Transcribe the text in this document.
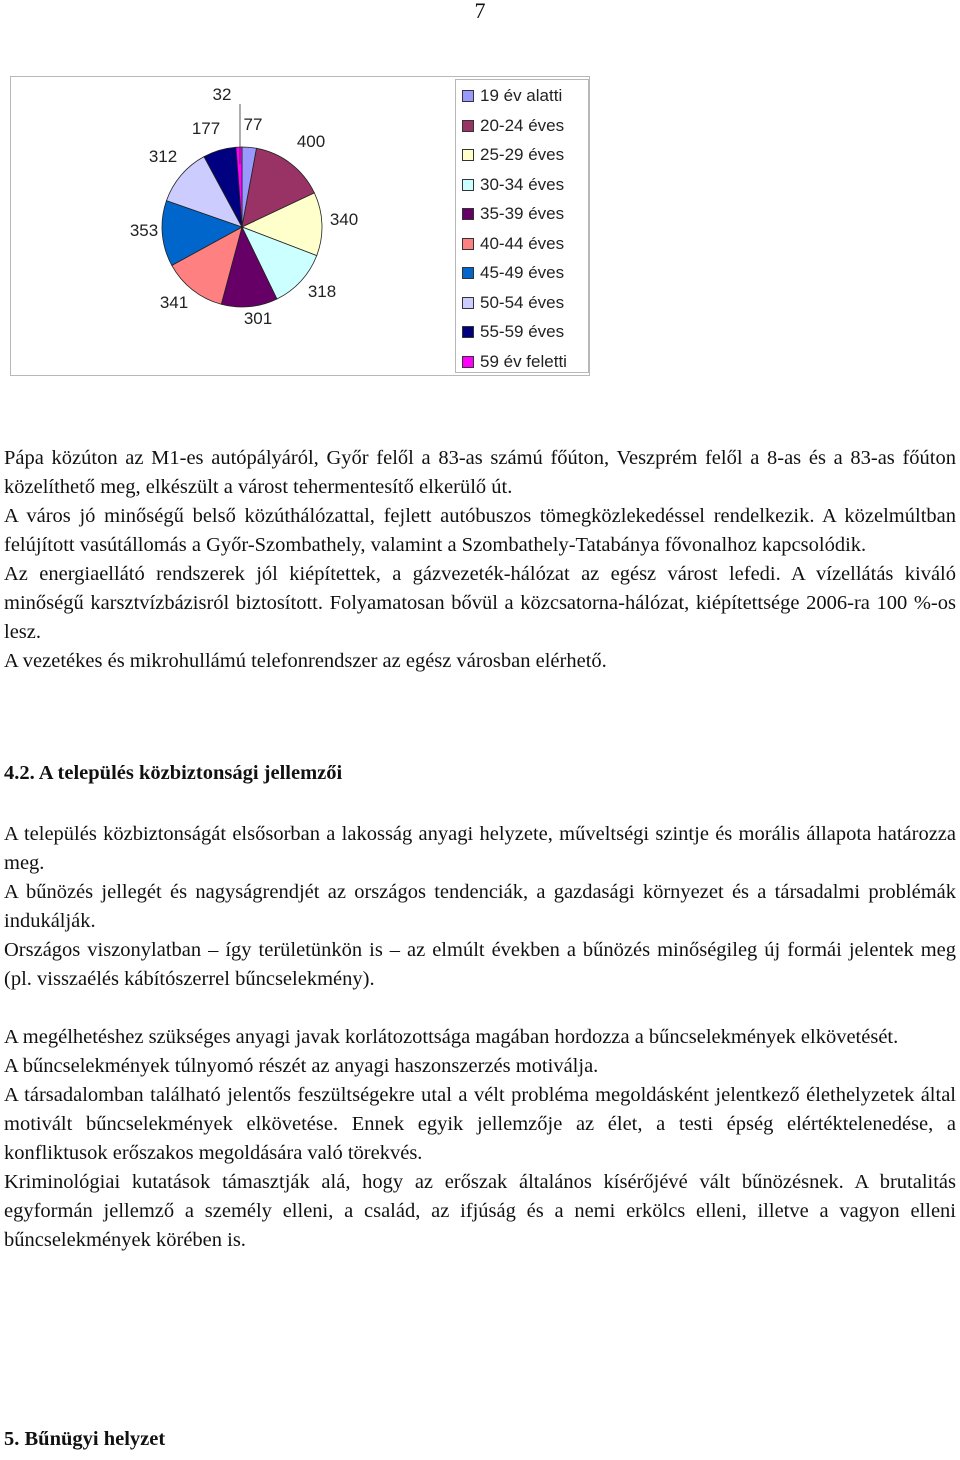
7
77
400
340
318
301
341
353
312
177
32	19 év alatti
20-24 éves
25-29 éves
30-34 éves
35-39 éves
40-44 éves
45-49 éves
50-54 éves
55-59 éves
59 év feletti

Pápa közúton az M1-es autópályáról, Győr felől a 83-as számú főúton, Veszprém felől a 8-as és a 83-as főúton közelíthető meg, elkészült a várost tehermentesítő elkerülő út.

A város jó minőségű belső közúthálózattal, fejlett autóbuszos tömegközlekedéssel rendelkezik. A közelmúltban felújított vasútállomás a Győr-Szombathely, valamint a Szombathely-Tatabánya fővonalhoz kapcsolódik.

Az energiaellátó rendszerek jól kiépítettek, a gázvezeték-hálózat az egész várost lefedi. A vízellátás kiváló minőségű karsztvízbázisról biztosított. Folyamatosan bővül a közcsatorna-hálózat, kiépítettsége 2006-ra 100 %-os lesz.

A vezetékes és mikrohullámú telefonrendszer az egész városban elérhető.

4.2. A település közbiztonsági jellemzői

A település közbiztonságát elsősorban a lakosság anyagi helyzete, műveltségi szintje és morális állapota határozza meg.

A bűnözés jellegét és nagyságrendjét az országos tendenciák, a gazdasági környezet és a társadalmi problémák indukálják.

Országos viszonylatban – így területünkön is – az elmúlt években a bűnözés minőségileg új formái jelentek meg (pl. visszaélés kábítószerrel bűncselekmény).

A megélhetéshez szükséges anyagi javak korlátozottsága magában hordozza a bűncselekmények elkövetését.

A bűncselekmények túlnyomó részét az anyagi haszonszerzés motiválja.

A társadalomban található jelentős feszültségekre utal a vélt probléma megoldásként jelentkező élethelyzetek által motivált bűncselekmények elkövetése. Ennek egyik jellemzője az élet, a testi épség elértéktelenedése, a konfliktusok erőszakos megoldására való törekvés.

Kriminológiai kutatások támasztják alá, hogy az erőszak általános kísérőjévé vált bűnözésnek. A brutalitás egyformán jellemző a személy elleni, a család, az ifjúság és a nemi erkölcs elleni, illetve a vagyon elleni bűncselekmények körében is.

5. Bűnügyi helyzet
